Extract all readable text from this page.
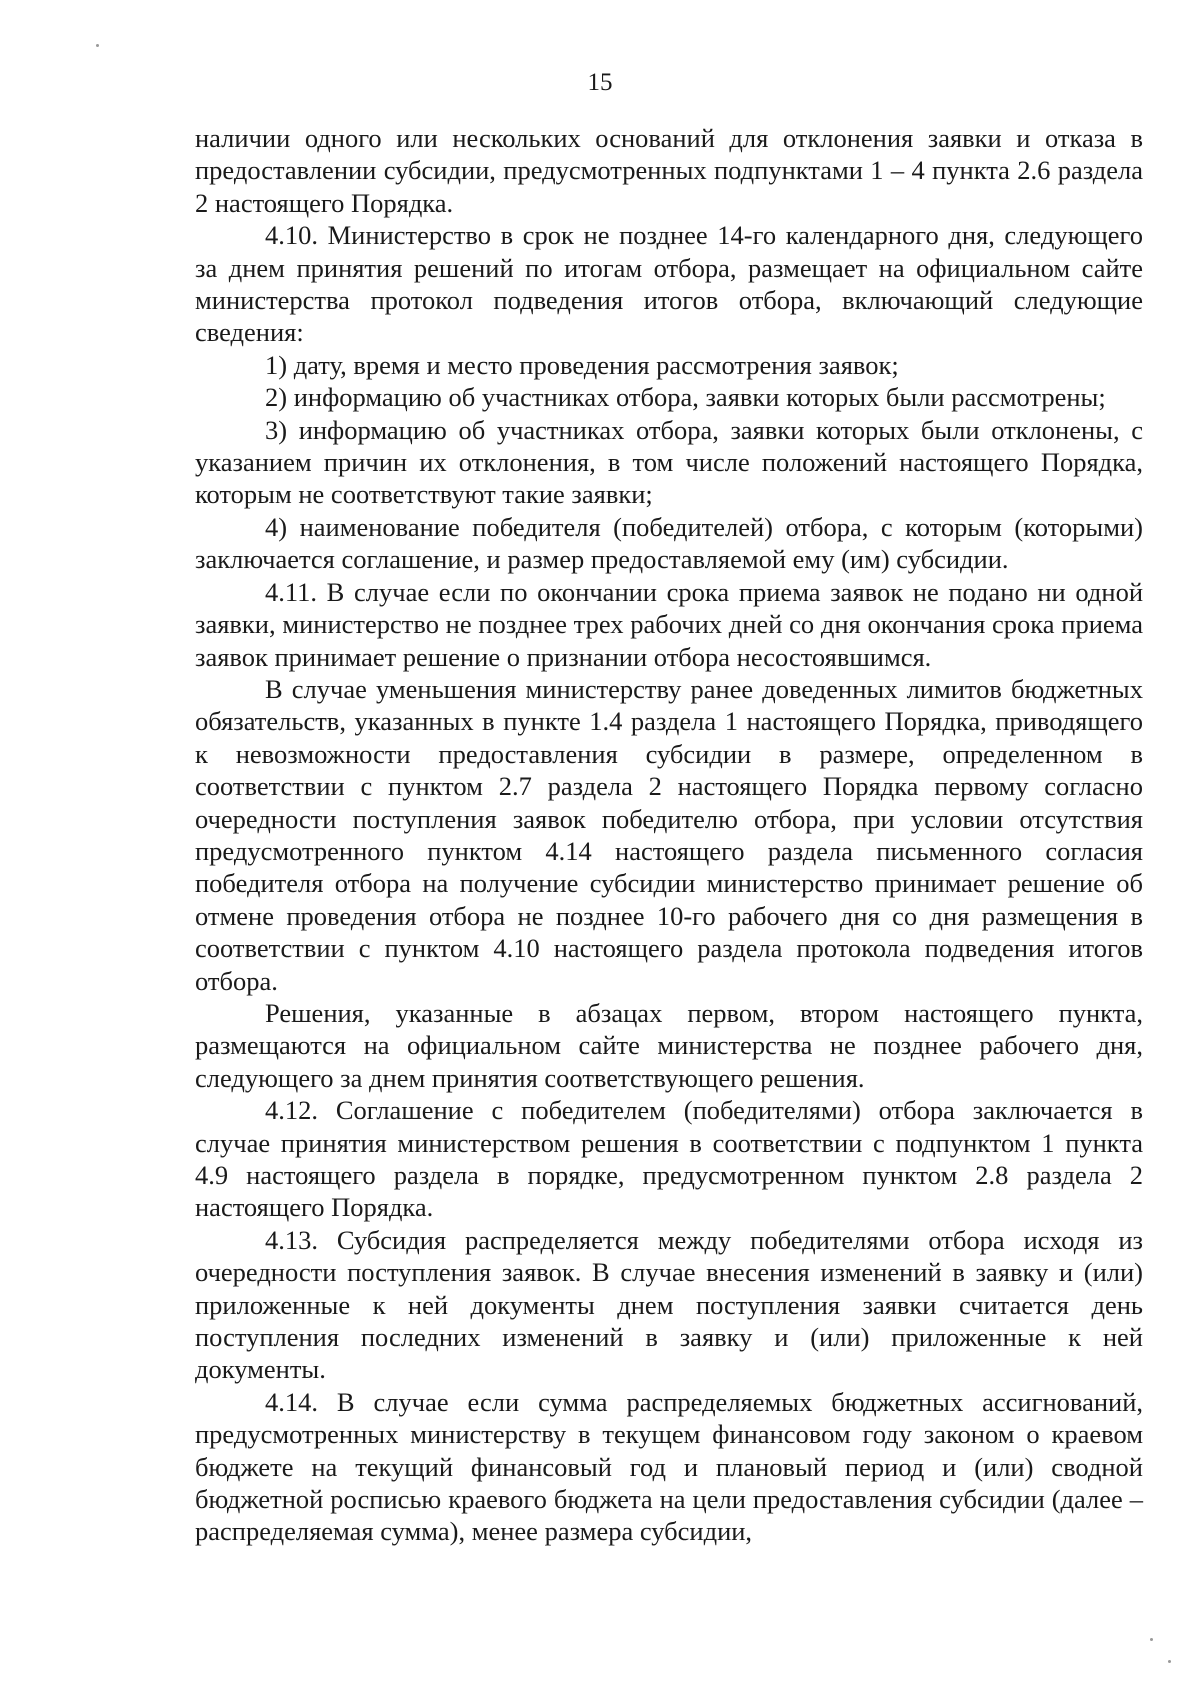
15

наличии одного или нескольких оснований для отклонения заявки и отказа в предоставлении субсидии, предусмотренных подпунктами 1 – 4 пункта 2.6 раздела 2 настоящего Порядка.

4.10. Министерство в срок не позднее 14-го календарного дня, следующего за днем принятия решений по итогам отбора, размещает на официальном сайте министерства протокол подведения итогов отбора, включающий следующие сведения:

1) дату, время и место проведения рассмотрения заявок;

2) информацию об участниках отбора, заявки которых были рассмотрены;

3) информацию об участниках отбора, заявки которых были отклонены, с указанием причин их отклонения, в том числе положений настоящего Порядка, которым не соответствуют такие заявки;

4) наименование победителя (победителей) отбора, с которым (которыми) заключается соглашение, и размер предоставляемой ему (им) субсидии.

4.11. В случае если по окончании срока приема заявок не подано ни одной заявки, министерство не позднее трех рабочих дней со дня окончания срока приема заявок принимает решение о признании отбора несостоявшимся.

В случае уменьшения министерству ранее доведенных лимитов бюджетных обязательств, указанных в пункте 1.4 раздела 1 настоящего Порядка, приводящего к невозможности предоставления субсидии в размере, определенном в соответствии с пунктом 2.7 раздела 2 настоящего Порядка первому согласно очередности поступления заявок победителю отбора, при условии отсутствия предусмотренного пунктом 4.14 настоящего раздела письменного согласия победителя отбора на получение субсидии министерство принимает решение об отмене проведения отбора не позднее 10-го рабочего дня со дня размещения в соответствии с пунктом 4.10 настоящего раздела протокола подведения итогов отбора.

Решения, указанные в абзацах первом, втором настоящего пункта, размещаются на официальном сайте министерства не позднее рабочего дня, следующего за днем принятия соответствующего решения.

4.12. Соглашение с победителем (победителями) отбора заключается в случае принятия министерством решения в соответствии с подпунктом 1 пункта 4.9 настоящего раздела в порядке, предусмотренном пунктом 2.8 раздела 2 настоящего Порядка.

4.13. Субсидия распределяется между победителями отбора исходя из очередности поступления заявок. В случае внесения изменений в заявку и (или) приложенные к ней документы днем поступления заявки считается день поступления последних изменений в заявку и (или) приложенные к ней документы.

4.14. В случае если сумма распределяемых бюджетных ассигнований, предусмотренных министерству в текущем финансовом году законом о краевом бюджете на текущий финансовый год и плановый период и (или) сводной бюджетной росписью краевого бюджета на цели предоставления субсидии (далее – распределяемая сумма), менее размера субсидии,
